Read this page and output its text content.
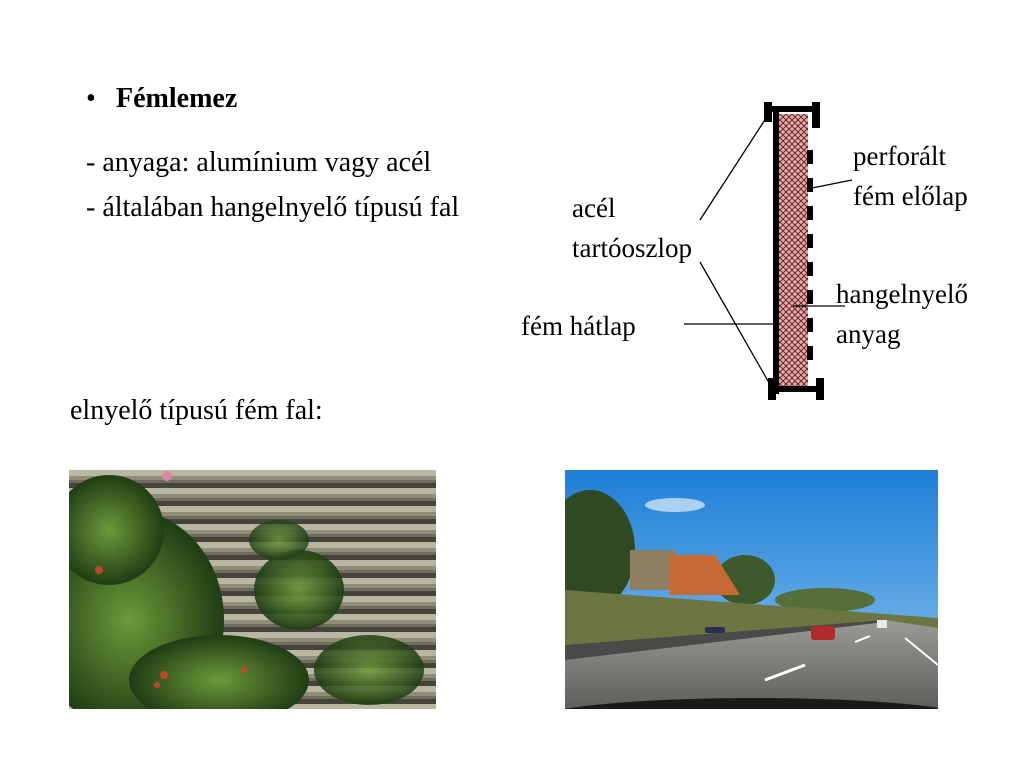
• Fémlemez
- anyaga: alumínium vagy acél
- általában hangelnyelő típusú fal
elnyelő típusú fém fal:
perforált
fém előlap
acél
tartóoszlop
hangelnyelő
anyag
fém hátlap
